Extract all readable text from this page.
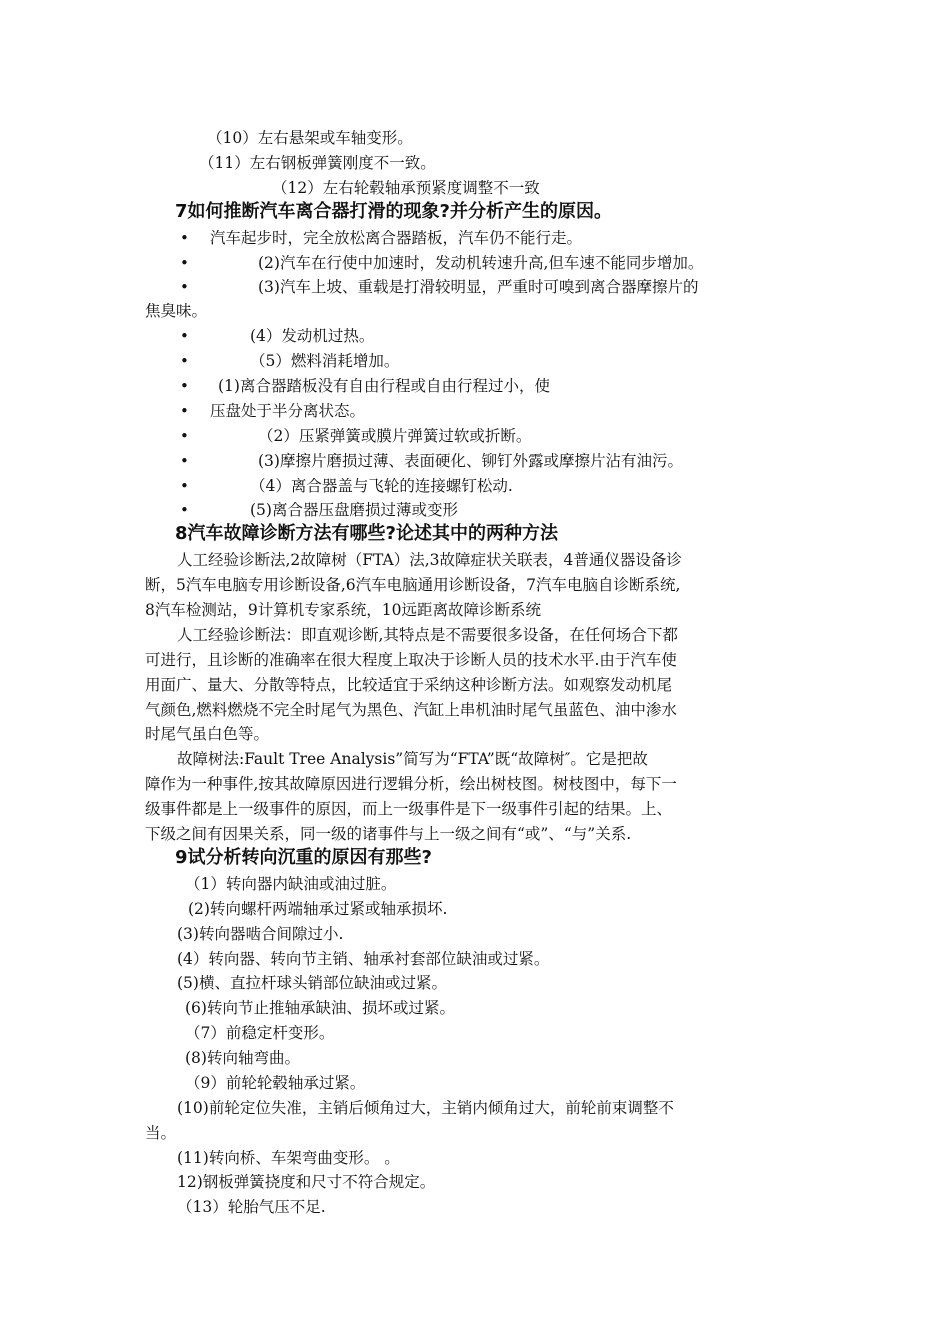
（10）左右悬架或车轴变形。
（11）左右钢板弹簧刚度不一致。
（12）左右轮毂轴承预紧度调整不一致
7如何推断汽车离合器打滑的现象?并分析产生的原因。
• 汽车起步时，完全放松离合器踏板，汽车仍不能行走。
•	(2)汽车在行使中加速时，发动机转速升高,但车速不能同步增加。
•	(3)汽车上坡、重载是打滑较明显，严重时可嗅到离合器摩擦片的
焦臭味。
•	(4）发动机过热。
•	（5）燃料消耗增加。
• (1)离合器踏板没有自由行程或自由行程过小，使
• 压盘处于半分离状态。
•	（2）压紧弹簧或膜片弹簧过软或折断。
•	(3)摩擦片磨损过薄、表面硬化、铆钉外露或摩擦片沾有油污。
•	（4）离合器盖与飞轮的连接螺钉松动.
•	(5)离合器压盘磨损过薄或变形
8汽车故障诊断方法有哪些?论述其中的两种方法
人工经验诊断法,2故障树（FTA）法,3故障症状关联表，4普通仪器设备诊
断，5汽车电脑专用诊断设备,6汽车电脑通用诊断设备，7汽车电脑自诊断系统,
8汽车检测站，9计算机专家系统，10远距离故障诊断系统
人工经验诊断法：即直观诊断,其特点是不需要很多设备，在任何场合下都
可进行，且诊断的准确率在很大程度上取决于诊断人员的技术水平.由于汽车使
用面广、量大、分散等特点，比较适宜于采纳这种诊断方法。如观察发动机尾
气颜色,燃料燃烧不完全时尾气为黑色、汽缸上串机油时尾气虽蓝色、油中渗水
时尾气虽白色等。
故障树法:Fault Tree Analysis”简写为“FTA”既“故障树″。它是把故
障作为一种事件,按其故障原因进行逻辑分析，绘出树枝图。树枝图中，每下一
级事件都是上一级事件的原因，而上一级事件是下一级事件引起的结果。上、
下级之间有因果关系，同一级的诸事件与上一级之间有“或”、“与”关系.
9试分析转向沉重的原因有那些?
（1）转向器内缺油或油过脏。
(2)转向螺杆两端轴承过紧或轴承损坏.
(3)转向器啮合间隙过小.
(4）转向器、转向节主销、轴承衬套部位缺油或过紧。
(5)横、直拉杆球头销部位缺油或过紧。
(6)转向节止推轴承缺油、损坏或过紧。
（7）前稳定杆变形。
(8)转向轴弯曲。
（9）前轮轮毂轴承过紧。
(10)前轮定位失准，主销后倾角过大，主销内倾角过大，前轮前束调整不
当。
(11)转向桥、车架弯曲变形。 。
12)钢板弹簧挠度和尺寸不符合规定。
（13）轮胎气压不足.
